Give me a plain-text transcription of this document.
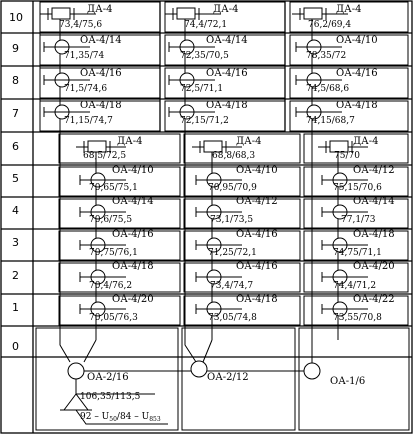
10
9
8
7
6
5
4
3
2
1
0
ДА-4
73,4/75,6
ОА-4/14
71,35/74
ОА-4/16
71,5/74,6
ОА-4/18
71,15/74,7
ДА-4
74,4/72,1
ОА-4/14
72,35/70,5
ОА-4/16
72,5/71,1
ОА-4/18
72,15/71,2
ДА-4
76,2/69,4
ОА-4/10
78,35/72
ОА-4/16
74,5/68,6
ОА-4/18
74,15/68,7
ДА-4
68,5/72,5
ОА-4/10
70,65/75,1
ОА-4/14
70,6/75,5
ОА-4/16
70,75/76,1
ОА-4/18
70,4/76,2
ОА-4/20
70,05/76,3
ДА-4
68,8/68,3
ОА-4/10
70,95/70,9
ОА-4/12
73,1/73,5
ОА-4/16
71,25/72,1
ОА-4/16
73,4/74,7
ОА-4/18
73,05/74,8
ДА-4
75/70
ОА-4/12
75,15/70,6
ОА-4/14
77,1/73
ОА-4/18
74,75/71,1
ОА-4/20
74,4/71,2
ОА-4/22
73,55/70,8
ОА-2/16	ОА-2/12	ОА-1/6
106,35/113,5
$92 - U_{50}/84 - U_{853}$
